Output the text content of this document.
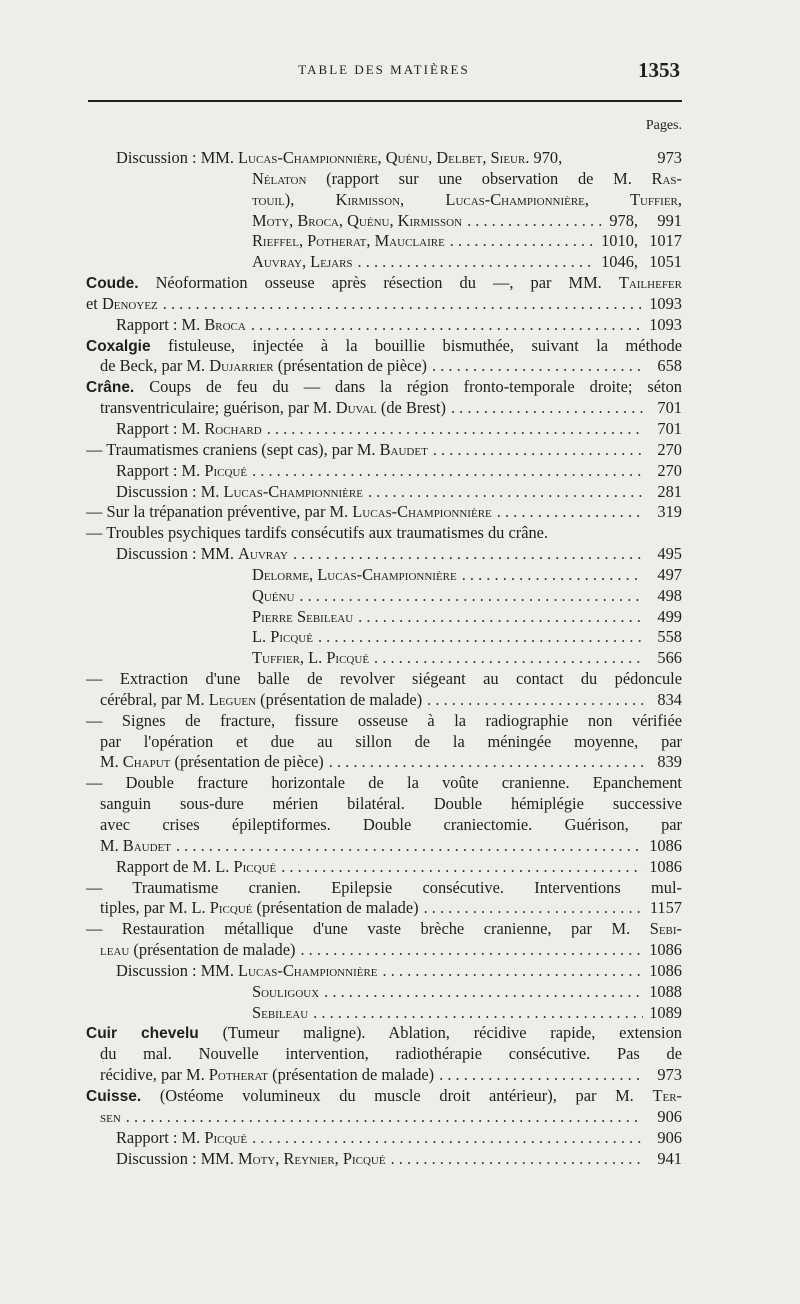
TABLE DES MATIÈRES	1353
Pages.
Discussion : MM. Lucas-Championnière, Quénu, Delbet, Sieur. 970,	973
Nélaton (rapport sur une observation de M. Ras-
touil), Kirmisson, Lucas-Championnière, Tuffier,
Moty, Broca, Quénu, Kirmisson . . .	978,	991
Rieffel, Potherat, Mauclaire . . .	1010, 1017
Auvray, Lejars . . .	1046, 1051
Coude. Néoformation osseuse après résection du —, par MM. Tailhefer
et Denoyez . . .	1093
Rapport : M. Broca . . .	1093
Coxalgie fistuleuse, injectée à la bouillie bismuthée, suivant la méthode
de Beck, par M. Dujarrier (présentation de pièce) . . .	658
Crâne. Coups de feu du — dans la région fronto-temporale droite; séton
transventriculaire; guérison, par M. Duval (de Brest) . . .	701
Rapport : M. Rochard . . .	701
— Traumatismes craniens (sept cas), par M. Baudet . . .	270
Rapport : M. Picqué . . .	270
Discussion : M. Lucas-Championnière . . .	281
— Sur la trépanation préventive, par M. Lucas-Championnière . . .	319
— Troubles psychiques tardifs consécutifs aux traumatismes du crâne.
Discussion : MM. Auvray . . .	495
Delorme, Lucas-Championnière . . .	497
Quénu . . .	498
Pierre Sebileau . . .	499
L. Picqué . . .	558
Tuffier, L. Picqué . . .	566
— Extraction d'une balle de revolver siégeant au contact du pédoncule
cérébral, par M. Leguen (présentation de malade) . . .	834
— Signes de fracture, fissure osseuse à la radiographie non vérifiée
par l'opération et due au sillon de la méningée moyenne, par
M. Chaput (présentation de pièce) . . .	839
— Double fracture horizontale de la voûte cranienne. Epanchement
sanguin sous-dure mérien bilatéral. Double hémiplégie successive
avec crises épileptiformes. Double craniectomie. Guérison, par
M. Baudet . . .	1086
Rapport de M. L. Picqué . . .	1086
— Traumatisme cranien. Epilepsie consécutive. Interventions mul-
tiples, par M. L. Picqué (présentation de malade) . . .	1157
— Restauration métallique d'une vaste brèche cranienne, par M. Sebi-
leau (présentation de malade) . . .	1086
Discussion : MM. Lucas-Championnière . . .	1086
Souligoux . . .	1088
Sebileau . . .	1089
Cuir chevelu (Tumeur maligne). Ablation, récidive rapide, extension
du mal. Nouvelle intervention, radiothérapie consécutive. Pas de
récidive, par M. Potherat (présentation de malade) . . .	973
Cuisse. (Ostéome volumineux du muscle droit antérieur), par M. Ter-
sen . . .	906
Rapport : M. Picqué . . .	906
Discussion : MM. Moty, Reynier, Picqué . . .	941
